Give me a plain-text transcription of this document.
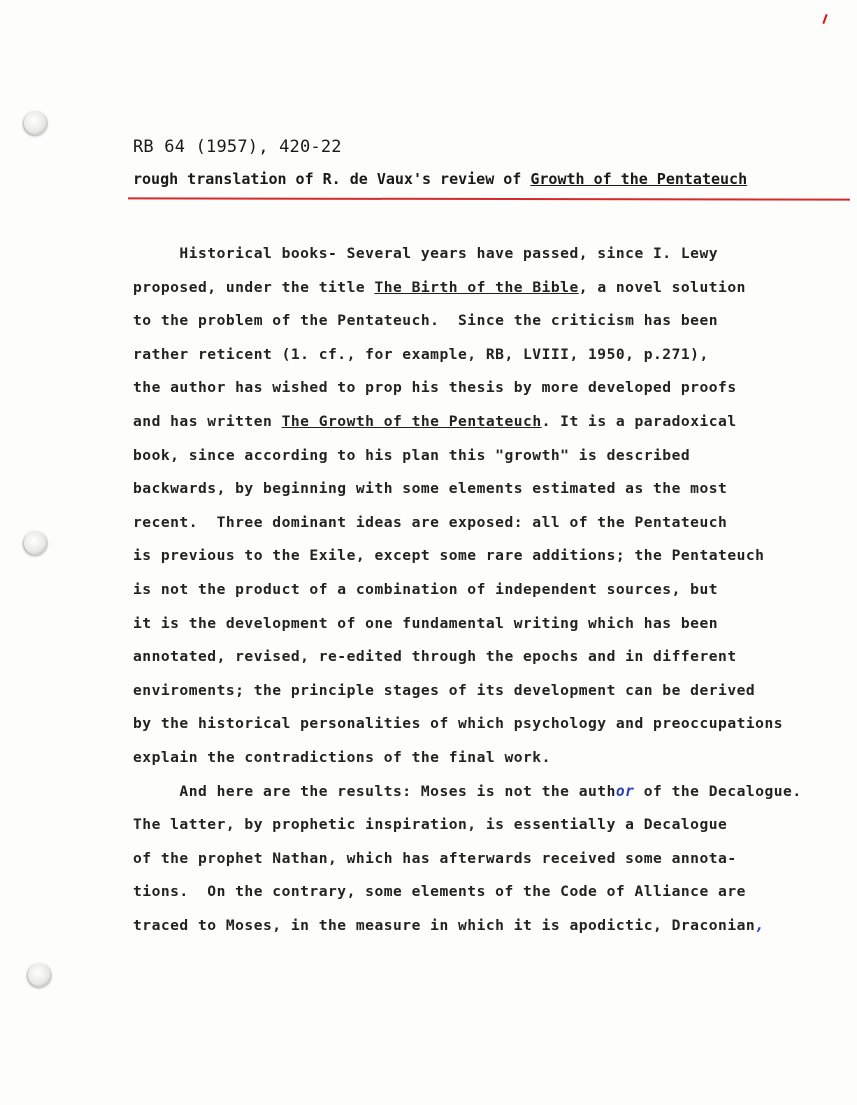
RB 64 (1957), 420-22
rough translation of R. de Vaux's review of Growth of the Pentateuch
Historical books- Several years have passed, since I. Lewy
proposed, under the title The Birth of the Bible, a novel solution
to the problem of the Pentateuch.  Since the criticism has been
rather reticent (1. cf., for example, RB, LVIII, 1950, p.271),
the author has wished to prop his thesis by more developed proofs
and has written The Growth of the Pentateuch. It is a paradoxical
book, since according to his plan this "growth" is described
backwards, by beginning with some elements estimated as the most
recent.  Three dominant ideas are exposed: all of the Pentateuch
is previous to the Exile, except some rare additions; the Pentateuch
is not the product of a combination of independent sources, but
it is the development of one fundamental writing which has been
annotated, revised, re-edited through the epochs and in different
enviroments; the principle stages of its development can be derived
by the historical personalities of which psychology and preoccupations
explain the contradictions of the final work.
And here are the results: Moses is not the author of the Decalogue.
The latter, by prophetic inspiration, is essentially a Decalogue
of the prophet Nathan, which has afterwards received some annota-
tions.  On the contrary, some elements of the Code of Alliance are
traced to Moses, in the measure in which it is apodictic, Draconian,
